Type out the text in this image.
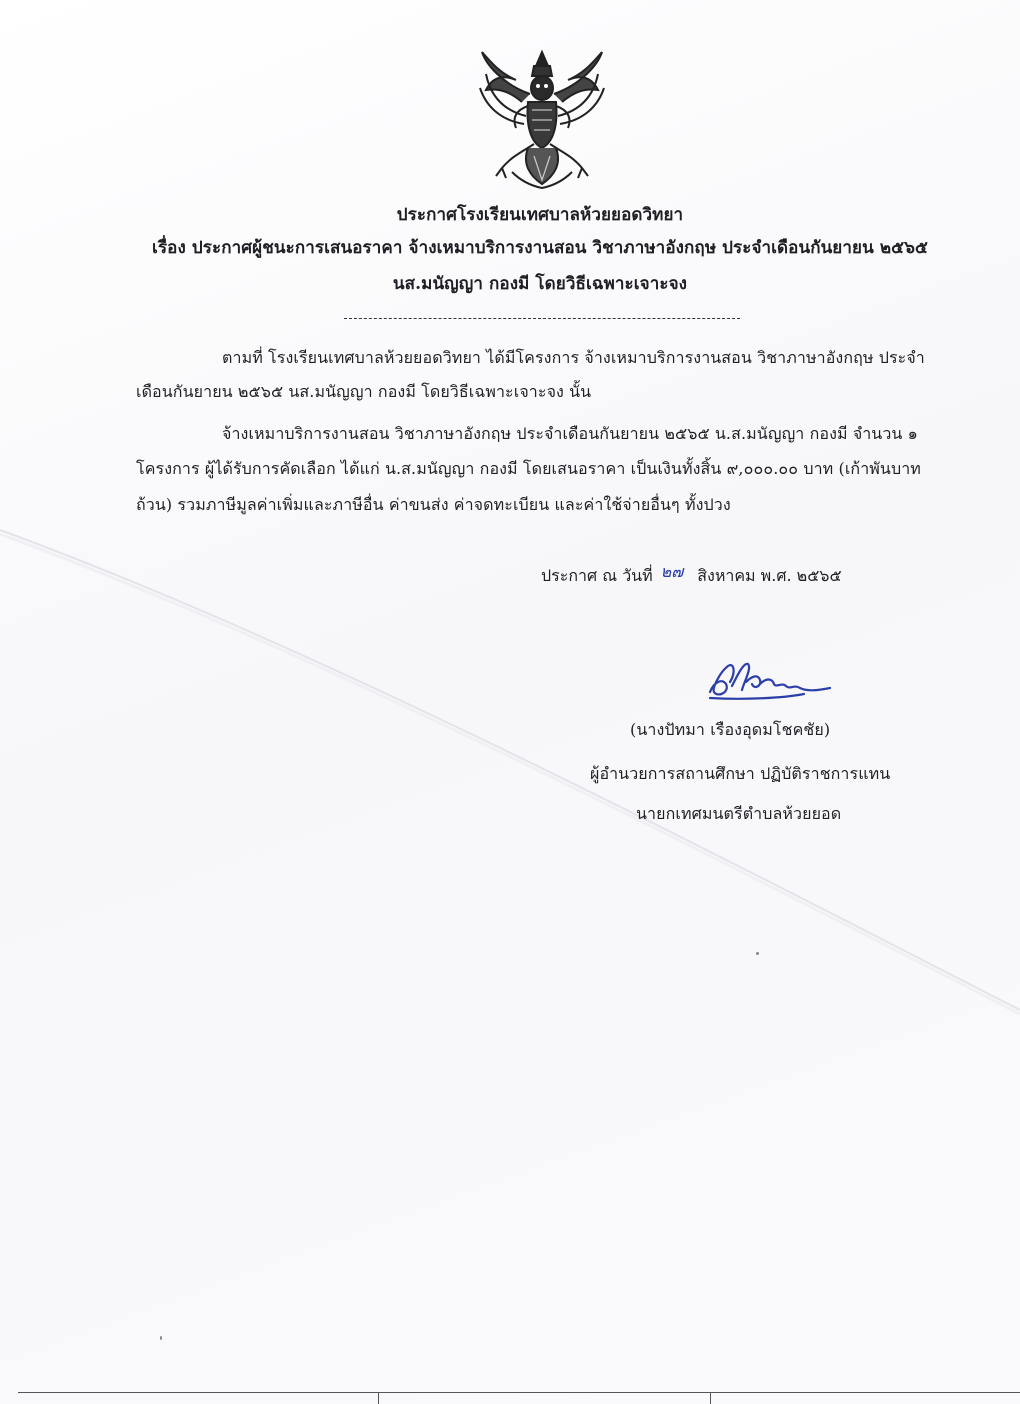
ประกาศโรงเรียนเทศบาลห้วยยอดวิทยา
เรื่อง ประกาศผู้ชนะการเสนอราคา จ้างเหมาบริการงานสอน วิชาภาษาอังกฤษ ประจำเดือนกันยายน ๒๕๖๕
นส.มนัญญา กองมี โดยวิธีเฉพาะเจาะจง
ตามที่ โรงเรียนเทศบาลห้วยยอดวิทยา ได้มีโครงการ จ้างเหมาบริการงานสอน วิชาภาษาอังกฤษ ประจำ
เดือนกันยายน ๒๕๖๕ นส.มนัญญา กองมี โดยวิธีเฉพาะเจาะจง นั้น
จ้างเหมาบริการงานสอน วิชาภาษาอังกฤษ ประจำเดือนกันยายน ๒๕๖๕ น.ส.มนัญญา กองมี จำนวน ๑
โครงการ ผู้ได้รับการคัดเลือก ได้แก่ น.ส.มนัญญา กองมี โดยเสนอราคา เป็นเงินทั้งสิ้น ๙,๐๐๐.๐๐ บาท (เก้าพันบาท
ถ้วน) รวมภาษีมูลค่าเพิ่มและภาษีอื่น ค่าขนส่ง ค่าจดทะเบียน และค่าใช้จ่ายอื่นๆ ทั้งปวง
ประกาศ ณ วันที่ ๒๗ สิงหาคม พ.ศ. ๒๕๖๕
(นางปัทมา เรืองอุดมโชคชัย)
ผู้อำนวยการสถานศึกษา ปฏิบัติราชการแทน
นายกเทศมนตรีตำบลห้วยยอด
